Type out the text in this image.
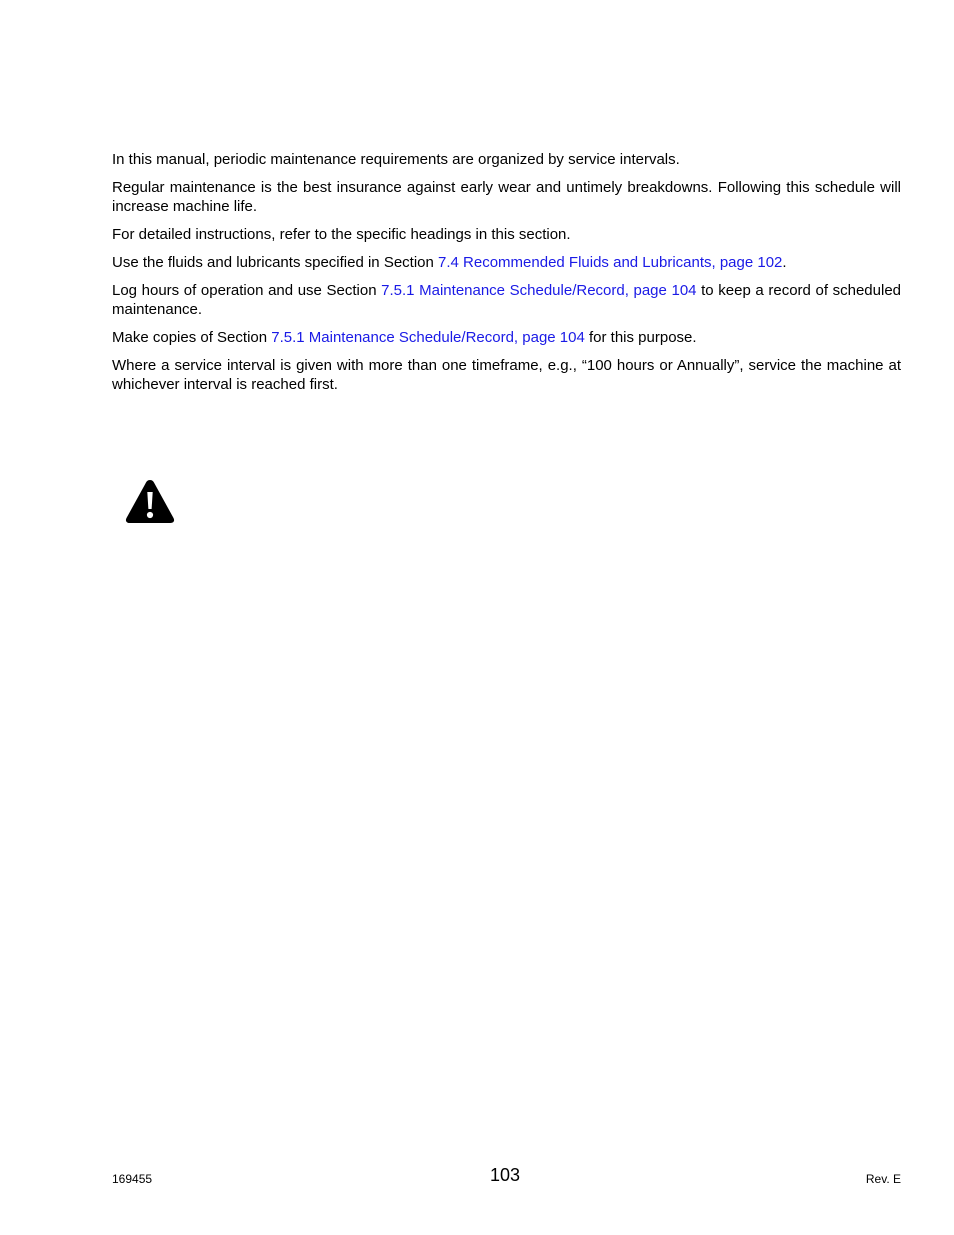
In this manual, periodic maintenance requirements are organized by service intervals.

Regular maintenance is the best insurance against early wear and untimely breakdowns. Following this schedule will increase machine life.

For detailed instructions, refer to the specific headings in this section.

Use the fluids and lubricants specified in Section 7.4 Recommended Fluids and Lubricants, page 102.

Log hours of operation and use Section 7.5.1 Maintenance Schedule/Record, page 104 to keep a record of scheduled maintenance.

Make copies of Section 7.5.1 Maintenance Schedule/Record, page 104 for this purpose.

Where a service interval is given with more than one timeframe, e.g., “100 hours or Annually”, service the machine at whichever interval is reached first.

169455	103	Rev. E
